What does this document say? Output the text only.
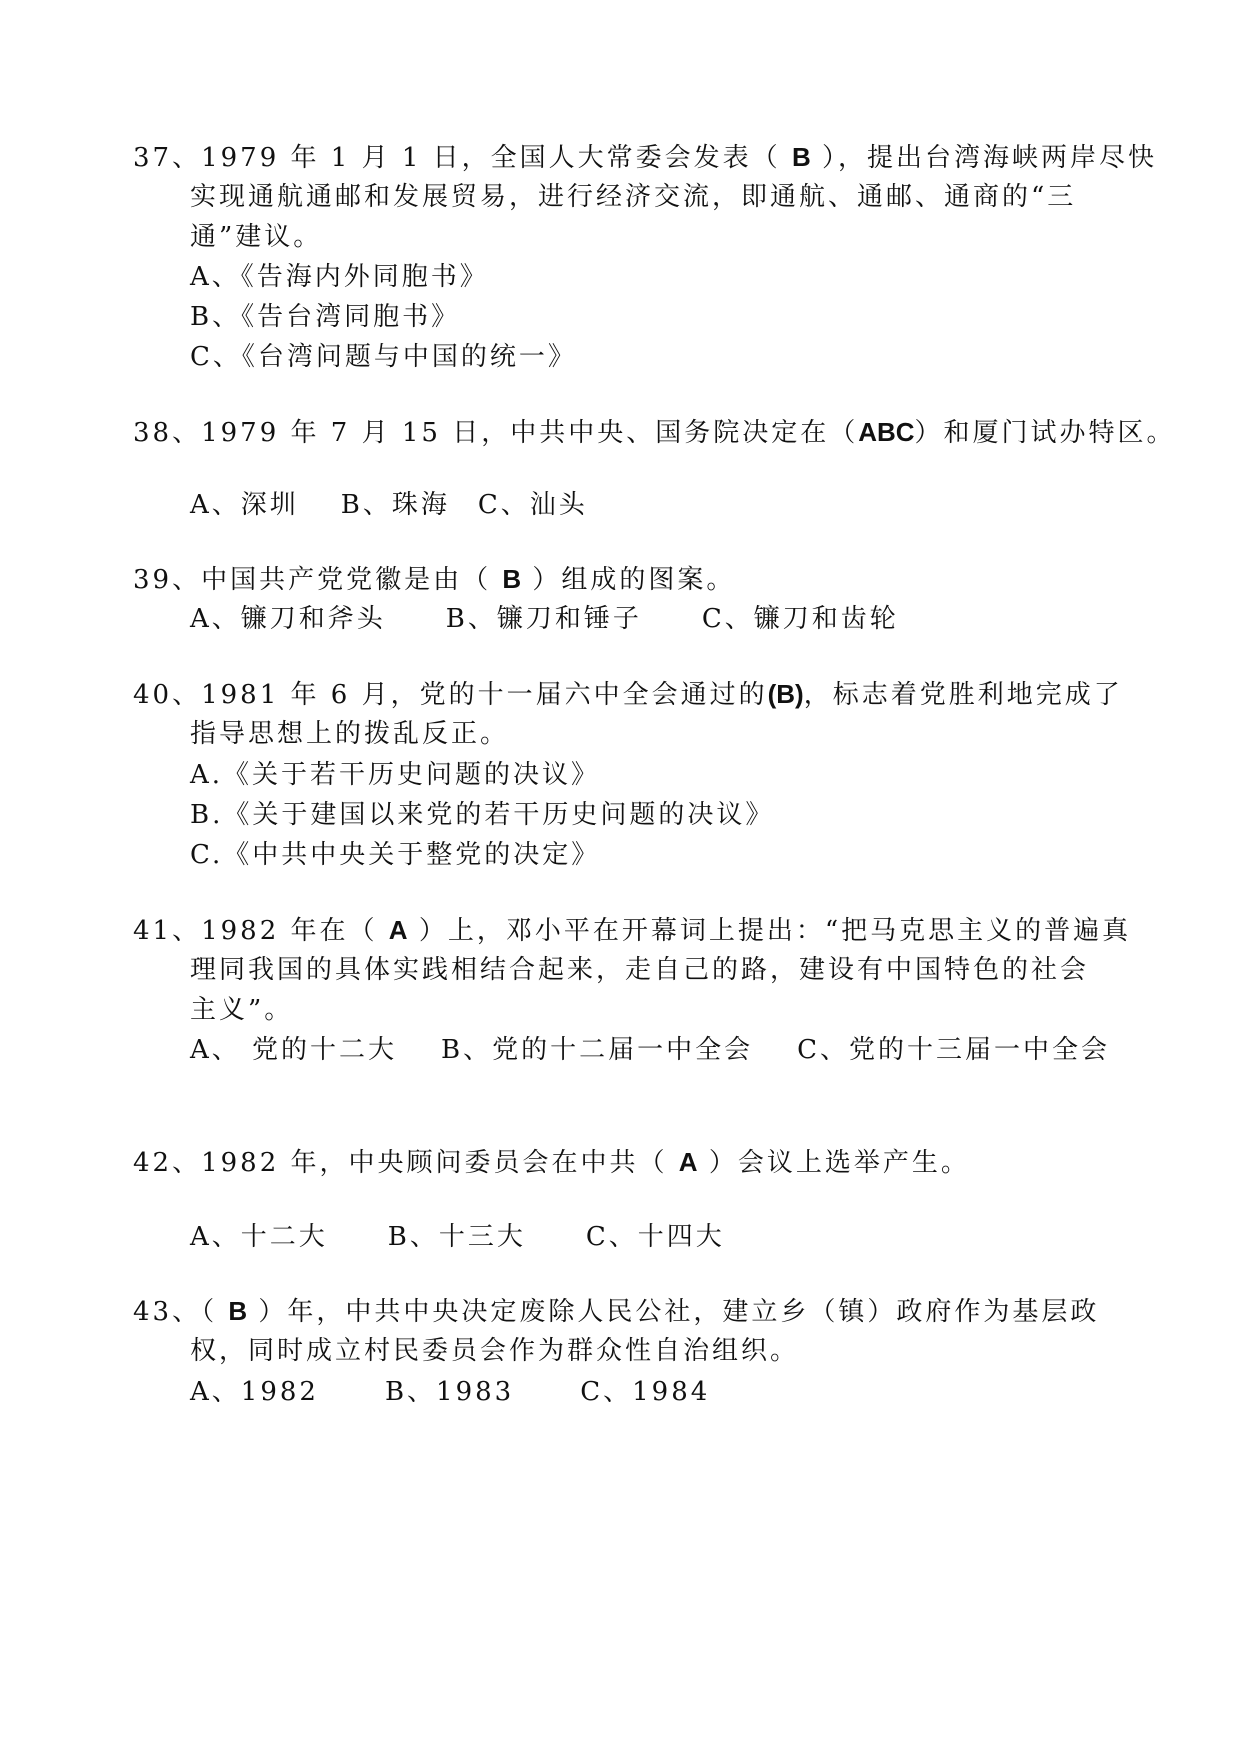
37、1979 年 1 月 1 日，全国人大常委会发表（ B ），提出台湾海峡两岸尽快
实现通航通邮和发展贸易，进行经济交流，即通航、通邮、通商的“三
通”建议。
A、《告海内外同胞书》
B、《告台湾同胞书》
C、《台湾问题与中国的统一》
38、1979 年 7 月 15 日，中共中央、国务院决定在（ABC）和厦门试办特区。
A、深圳 B、珠海 C、汕头
39、中国共产党党徽是由（ B ）组成的图案。
A、镰刀和斧头 B、镰刀和锤子 C、镰刀和齿轮
40、1981 年 6 月，党的十一届六中全会通过的(B)，标志着党胜利地完成了
指导思想上的拨乱反正。
A.《关于若干历史问题的决议》
B.《关于建国以来党的若干历史问题的决议》
C.《中共中央关于整党的决定》
41、1982 年在（ A ）上，邓小平在开幕词上提出：“把马克思主义的普遍真
理同我国的具体实践相结合起来，走自己的路，建设有中国特色的社会
主义”。
A、 党的十二大 B、党的十二届一中全会 C、党的十三届一中全会
42、1982 年，中央顾问委员会在中共（ A ）会议上选举产生。
A、十二大 B、十三大 C、十四大
43、（ B ）年，中共中央决定废除人民公社，建立乡（镇）政府作为基层政
权，同时成立村民委员会作为群众性自治组织。
A、1982	B、1983	C、1984
